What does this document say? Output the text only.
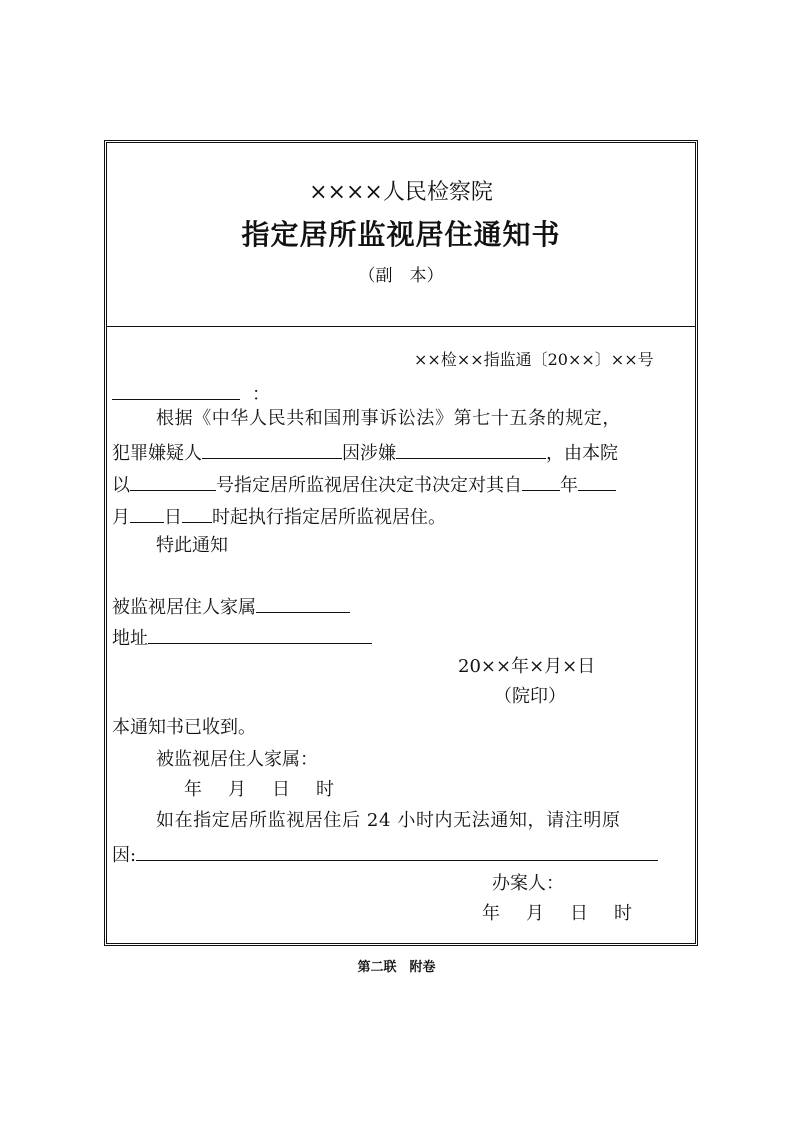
××××人民检察院
指定居所监视居住通知书
（副　本）
××检××指监通〔20××〕××号
：
根据《中华人民共和国刑事诉讼法》第七十五条的规定，
犯罪嫌疑人	因涉嫌	，由本院
以	号指定居所监视居住决定书决定对其自 年
月 日 时起执行指定居所监视居住。
特此通知
被监视居住人家属
地址
20××年×月×日
（院印）
本通知书已收到。
被监视居住人家属：
年　月　日　时
如在指定居所监视居住后 24 小时内无法通知，请注明原
因:
办案人：
年　月　日　时
第二联　附卷
